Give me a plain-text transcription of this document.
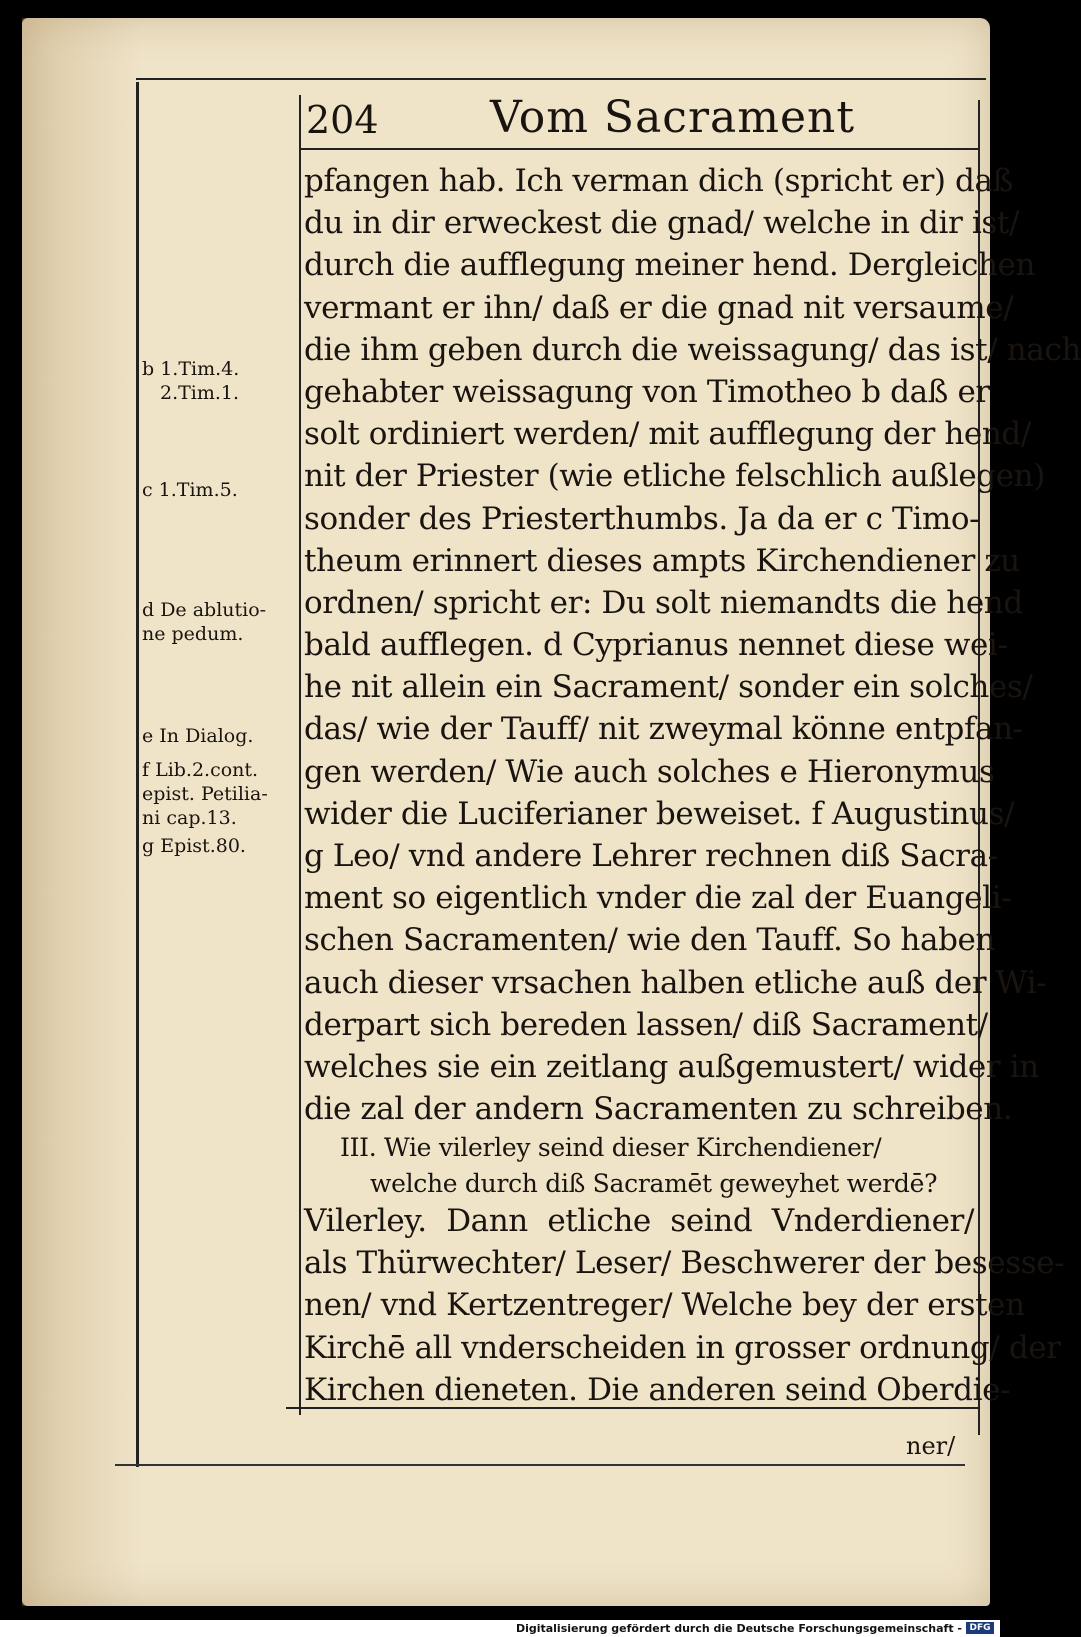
204	Vom Sacrament
pfangen hab. Ich verman dich (spricht er) daß
du in dir erweckest die gnad/ welche in dir ist/
durch die aufflegung meiner hend. Dergleichen
vermant er ihn/ daß er die gnad nit versaume/
die ihm geben durch die weissagung/ das ist/ nach
gehabter weissagung von Timotheo b daß er
solt ordiniert werden/ mit aufflegung der hend/
nit der Priester (wie etliche felschlich außlegen)
sonder des Priesterthumbs. Ja da er c Timo-
theum erinnert dieses ampts Kirchendiener zu
ordnen/ spricht er: Du solt niemandts die hend
bald aufflegen. d Cyprianus nennet diese wei-
he nit allein ein Sacrament/ sonder ein solches/
das/ wie der Tauff/ nit zweymal könne entpfan-
gen werden/ Wie auch solches e Hieronymus
wider die Luciferianer beweiset. f Augustinus/
g Leo/ vnd andere Lehrer rechnen diß Sacra-
ment so eigentlich vnder die zal der Euangeli-
schen Sacramenten/ wie den Tauff. So haben
auch dieser vrsachen halben etliche auß der Wi-
derpart sich bereden lassen/ diß Sacrament/
welches sie ein zeitlang außgemustert/ wider in
die zal der andern Sacramenten zu schreiben.
III. Wie vilerley seind dieser Kirchendiener/
welche durch diß Sacramēt geweyhet werdē?
Vilerley. Dann etliche seind Vnderdiener/
als Thürwechter/ Leser/ Beschwerer der besesse-
nen/ vnd Kertzentreger/ Welche bey der ersten
Kirchē all vnderscheiden in grosser ordnung/ der
Kirchen dieneten. Die anderen seind Oberdie-
ner/
b 1.Tim.4.
2.Tim.1.
c 1.Tim.5.
d De ablutio-
ne pedum.
e In Dialog.
f Lib.2.cont.
epist. Petilia-
ni cap.13.
g Epist.80.
Digitalisierung gefördert durch die Deutsche Forschungsgemeinschaft - DFG
